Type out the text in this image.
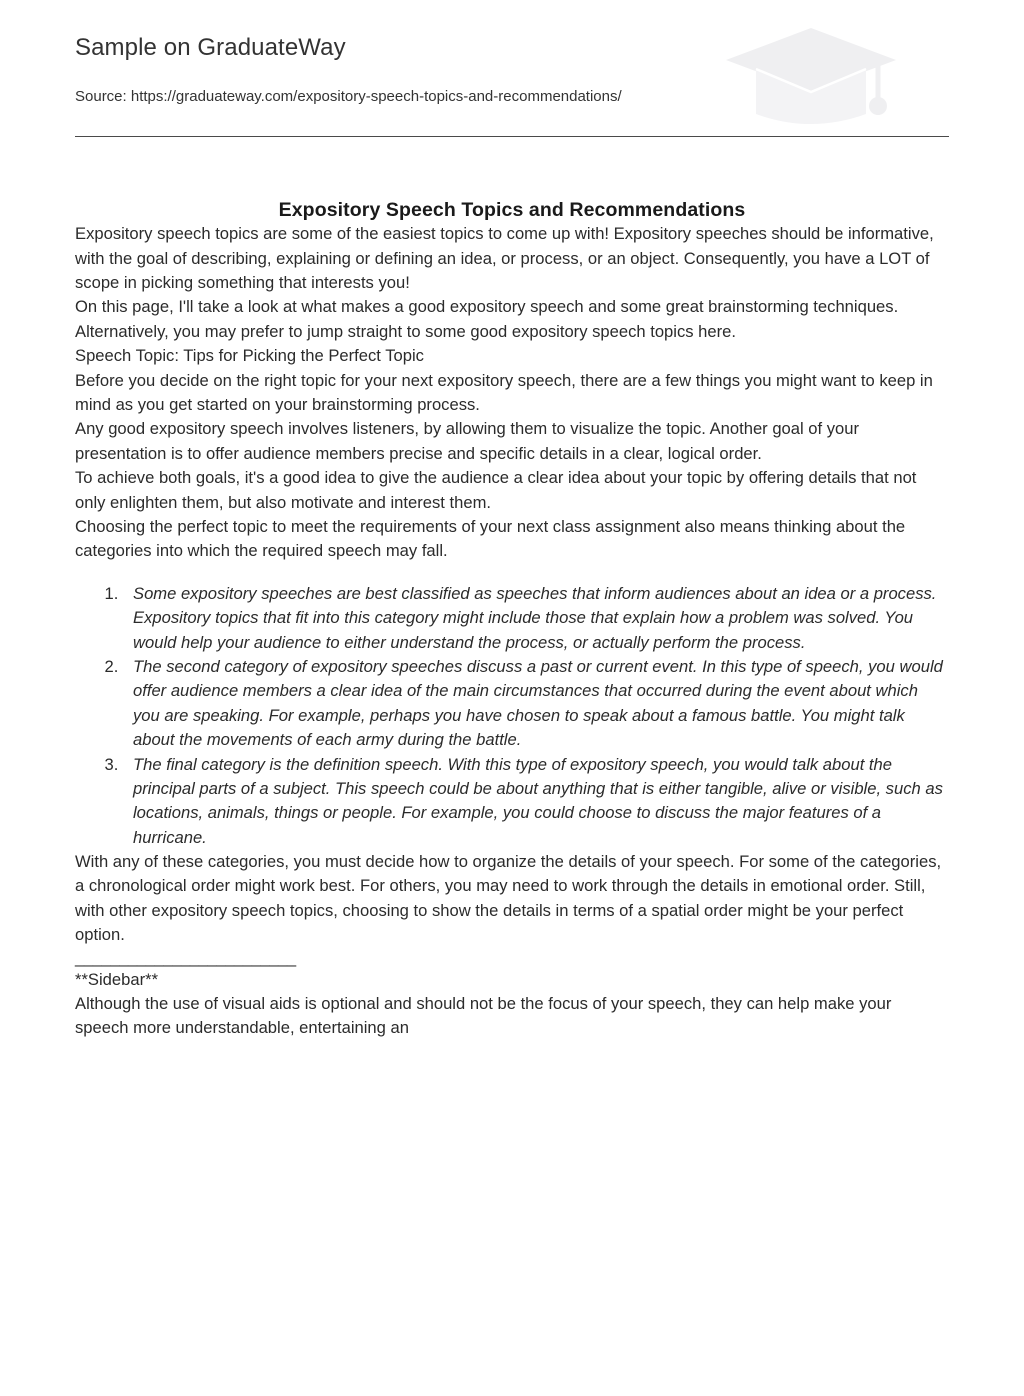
Sample on GraduateWay

Source: https://graduateway.com/expository-speech-topics-and-recommendations/

Expository Speech Topics and Recommendations

Expository speech topics are some of the easiest topics to come up with! Expository speeches should be informative, with the goal of describing, explaining or defining an idea, or process, or an object. Consequently, you have a LOT of scope in picking something that interests you!

On this page, I'll take a look at what makes a good expository speech and some great brainstorming techniques. Alternatively, you may prefer to jump straight to some good expository speech topics here.

Speech Topic: Tips for Picking the Perfect Topic

Before you decide on the right topic for your next expository speech, there are a few things you might want to keep in mind as you get started on your brainstorming process.

Any good expository speech involves listeners, by allowing them to visualize the topic. Another goal of your presentation is to offer audience members precise and specific details in a clear, logical order.

To achieve both goals, it's a good idea to give the audience a clear idea about your topic by offering details that not only enlighten them, but also motivate and interest them.

Choosing the perfect topic to meet the requirements of your next class assignment also means thinking about the categories into which the required speech may fall.

1. Some expository speeches are best classified as speeches that inform audiences about an idea or a process. Expository topics that fit into this category might include those that explain how a problem was solved. You would help your audience to either understand the process, or actually perform the process.
2. The second category of expository speeches discuss a past or current event. In this type of speech, you would offer audience members a clear idea of the main circumstances that occurred during the event about which you are speaking. For example, perhaps you have chosen to speak about a famous battle. You might talk about the movements of each army during the battle.
3. The final category is the definition speech. With this type of expository speech, you would talk about the principal parts of a subject. This speech could be about anything that is either tangible, alive or visible, such as locations, animals, things or people. For example, you could choose to discuss the major features of a hurricane.

With any of these categories, you must decide how to organize the details of your speech. For some of the categories, a chronological order might work best. For others, you may need to work through the details in emotional order. Still, with other expository speech topics, choosing to show the details in terms of a spatial order might be your perfect option.

_________________________

**Sidebar**

Although the use of visual aids is optional and should not be the focus of your speech, they can help make your speech more understandable, entertaining an
